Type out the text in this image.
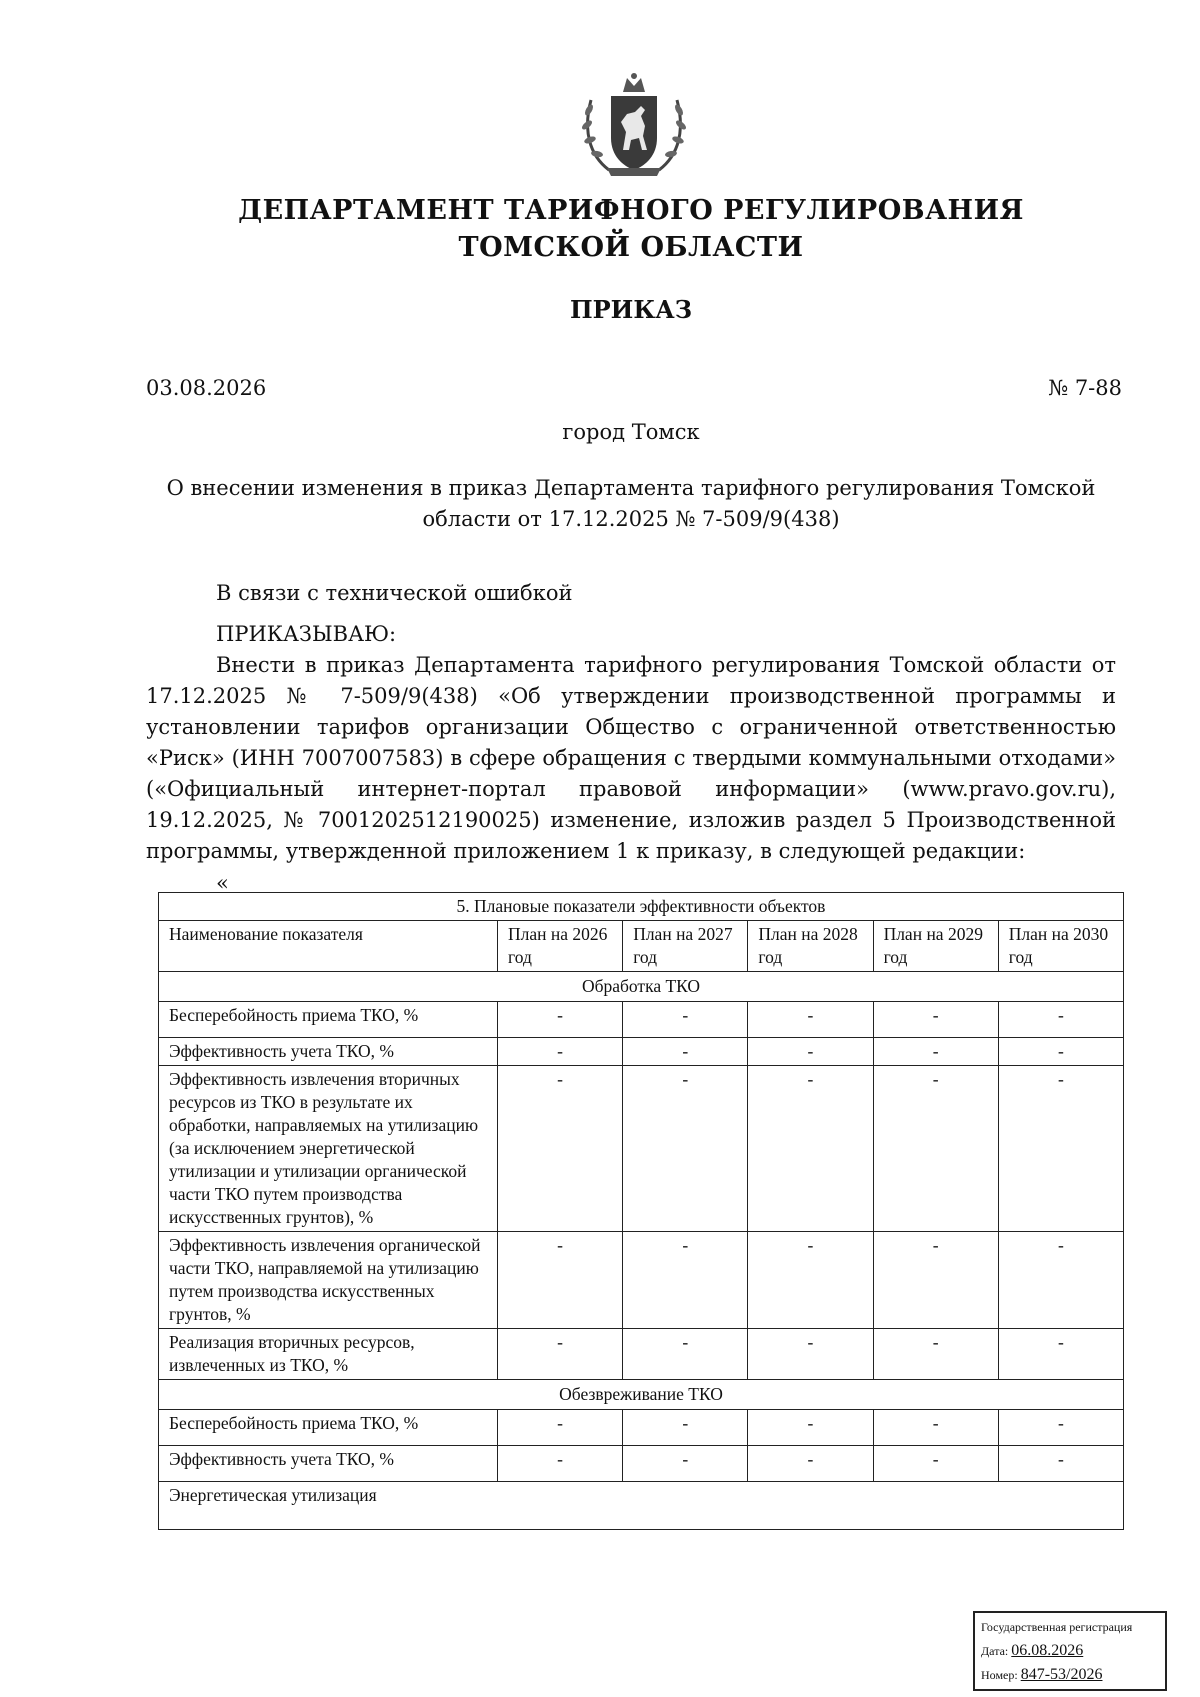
ДЕПАРТАМЕНТ ТАРИФНОГО РЕГУЛИРОВАНИЯ
ТОМСКОЙ ОБЛАСТИ
ПРИКАЗ
03.08.2026	№ 7-88
город Томск
О внесении изменения в приказ Департамента тарифного регулирования Томской области от 17.12.2025 № 7-509/9(438)
В связи с технической ошибкой
ПРИКАЗЫВАЮ:
Внести в приказ Департамента тарифного регулирования Томской области от 17.12.2025 № 7-509/9(438) «Об утверждении производственной программы и установлении тарифов организации Общество с ограниченной ответственностью «Риск» (ИНН 7007007583) в сфере обращения с твердыми коммунальными отходами» («Официальный интернет-портал правовой информации» (www.pravo.gov.ru), 19.12.2025, № 7001202512190025) изменение, изложив раздел 5 Производственной программы, утвержденной приложением 1 к приказу, в следующей редакции:
«
5. Плановые показатели эффективности объектов					
Наименование показателя	План на 2026 год	План на 2027 год	План на 2028 год	План на 2029 год	План на 2030 год
Обработка ТКО					
Бесперебойность приема ТКО, %	-	-	-	-	-
Эффективность учета ТКО, %	-	-	-	-	-
Эффективность извлечения вторичных ресурсов из ТКО в результате их обработки, направляемых на утилизацию (за исключением энергетической утилизации и утилизации органической части ТКО путем производства искусственных грунтов), %	-	-	-	-	-
Эффективность извлечения органической части ТКО, направляемой на утилизацию путем производства искусственных грунтов, %	-	-	-	-	-
Реализация вторичных ресурсов, извлеченных из ТКО, %	-	-	-	-	-
Обезвреживание ТКО					
Бесперебойность приема ТКО, %	-	-	-	-	-
Эффективность учета ТКО, %	-	-	-	-	-
Энергетическая утилизация					
Государственная регистрация
Дата: 06.08.2026
Номер: 847-53/2026
